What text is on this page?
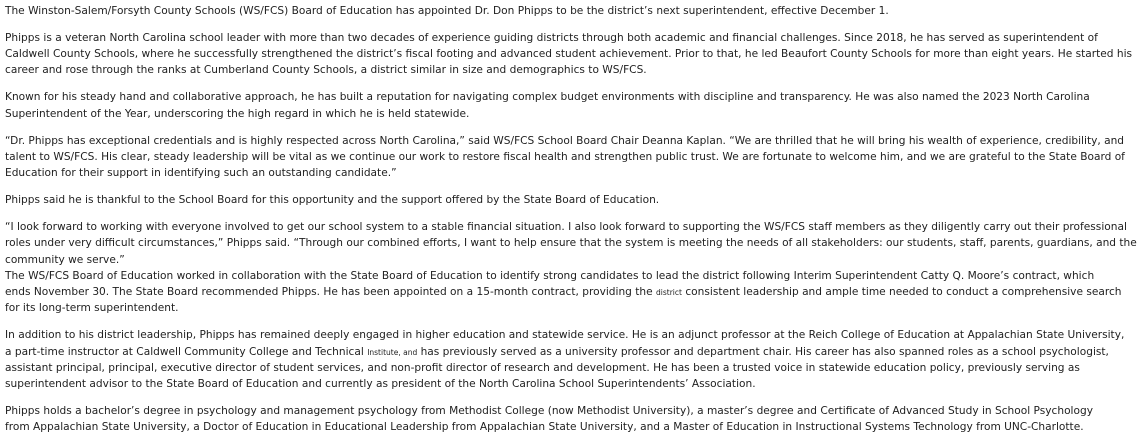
The Winston-Salem/Forsyth County Schools (WS/FCS) Board of Education has appointed Dr. Don Phipps to be the district’s next superintendent, effective December 1.
Phipps is a veteran North Carolina school leader with more than two decades of experience guiding districts through both academic and financial challenges. Since 2018, he has served as superintendent of
Caldwell County Schools, where he successfully strengthened the district’s fiscal footing and advanced student achievement. Prior to that, he led Beaufort County Schools for more than eight years. He started his
career and rose through the ranks at Cumberland County Schools, a district similar in size and demographics to WS/FCS.
Known for his steady hand and collaborative approach, he has built a reputation for navigating complex budget environments with discipline and transparency. He was also named the 2023 North Carolina
Superintendent of the Year, underscoring the high regard in which he is held statewide.
“Dr. Phipps has exceptional credentials and is highly respected across North Carolina,” said WS/FCS School Board Chair Deanna Kaplan. “We are thrilled that he will bring his wealth of experience, credibility, and
talent to WS/FCS. His clear, steady leadership will be vital as we continue our work to restore fiscal health and strengthen public trust. We are fortunate to welcome him, and we are grateful to the State Board of
Education for their support in identifying such an outstanding candidate.”
Phipps said he is thankful to the School Board for this opportunity and the support offered by the State Board of Education.
“I look forward to working with everyone involved to get our school system to a stable financial situation. I also look forward to supporting the WS/FCS staff members as they diligently carry out their professional
roles under very difficult circumstances,” Phipps said. “Through our combined efforts, I want to help ensure that the system is meeting the needs of all stakeholders: our students, staff, parents, guardians, and the
community we serve.”
The WS/FCS Board of Education worked in collaboration with the State Board of Education to identify strong candidates to lead the district following Interim Superintendent Catty Q. Moore’s contract, which
ends November 30. The State Board recommended Phipps. He has been appointed on a 15-month contract, providing the district consistent leadership and ample time needed to conduct a comprehensive search
for its long-term superintendent.
In addition to his district leadership, Phipps has remained deeply engaged in higher education and statewide service. He is an adjunct professor at the Reich College of Education at Appalachian State University,
a part-time instructor at Caldwell Community College and Technical Institute, and has previously served as a university professor and department chair. His career has also spanned roles as a school psychologist,
assistant principal, principal, executive director of student services, and non-profit director of research and development. He has been a trusted voice in statewide education policy, previously serving as
superintendent advisor to the State Board of Education and currently as president of the North Carolina School Superintendents’ Association.
Phipps holds a bachelor’s degree in psychology and management psychology from Methodist College (now Methodist University), a master’s degree and Certificate of Advanced Study in School Psychology
from Appalachian State University, a Doctor of Education in Educational Leadership from Appalachian State University, and a Master of Education in Instructional Systems Technology from UNC-Charlotte.
